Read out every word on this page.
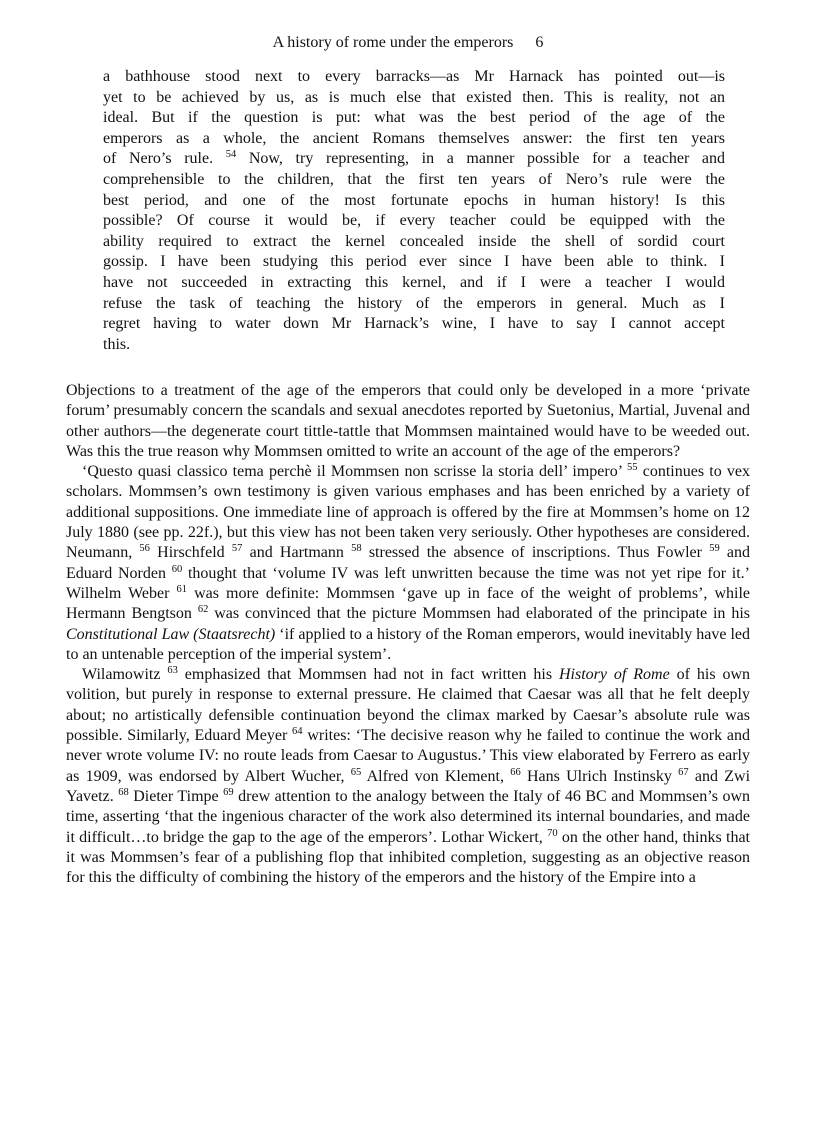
A history of rome under the emperors 6
a bathhouse stood next to every barracks—as Mr Harnack has pointed out—is
yet to be achieved by us, as is much else that existed then. This is reality, not an
ideal. But if the question is put: what was the best period of the age of the
emperors as a whole, the ancient Romans themselves answer: the first ten years
of Nero’s rule. $^{54}$ Now, try representing, in a manner possible for a teacher and
comprehensible to the children, that the first ten years of Nero’s rule were the
best period, and one of the most fortunate epochs in human history! Is this
possible? Of course it would be, if every teacher could be equipped with the
ability required to extract the kernel concealed inside the shell of sordid court
gossip. I have been studying this period ever since I have been able to think. I
have not succeeded in extracting this kernel, and if I were a teacher I would
refuse the task of teaching the history of the emperors in general. Much as I
regret having to water down Mr Harnack’s wine, I have to say I cannot accept
this.

Objections to a treatment of the age of the emperors that could only be developed in a more ‘private forum’ presumably concern the scandals and sexual anecdotes reported by Suetonius, Martial, Juvenal and other authors—the degenerate court tittle-tattle that Mommsen maintained would have to be weeded out. Was this the true reason why Mommsen omitted to write an account of the age of the emperors?

‘Questo quasi classico tema perchè il Mommsen non scrisse la storia dell’ impero’ $^{55}$ continues to vex scholars. Mommsen’s own testimony is given various emphases and has been enriched by a variety of additional suppositions. One immediate line of approach is offered by the fire at Mommsen’s home on 12 July 1880 (see pp. 22f.), but this view has not been taken very seriously. Other hypotheses are considered. Neumann, $^{56}$ Hirschfeld $^{57}$ and Hartmann $^{58}$ stressed the absence of inscriptions. Thus Fowler $^{59}$ and Eduard Norden $^{60}$ thought that ‘volume IV was left unwritten because the time was not yet ripe for it.’ Wilhelm Weber $^{61}$ was more definite: Mommsen ‘gave up in face of the weight of problems’, while Hermann Bengtson $^{62}$ was convinced that the picture Mommsen had elaborated of the principate in his Constitutional Law (Staatsrecht) ‘if applied to a history of the Roman emperors, would inevitably have led to an untenable perception of the imperial system’.

Wilamowitz $^{63}$ emphasized that Mommsen had not in fact written his History of Rome of his own volition, but purely in response to external pressure. He claimed that Caesar was all that he felt deeply about; no artistically defensible continuation beyond the climax marked by Caesar’s absolute rule was possible. Similarly, Eduard Meyer $^{64}$ writes: ‘The decisive reason why he failed to continue the work and never wrote volume IV: no route leads from Caesar to Augustus.’ This view elaborated by Ferrero as early as 1909, was endorsed by Albert Wucher, $^{65}$ Alfred von Klement, $^{66}$ Hans Ulrich Instinsky $^{67}$ and Zwi Yavetz. $^{68}$ Dieter Timpe $^{69}$ drew attention to the analogy between the Italy of 46 BC and Mommsen’s own time, asserting ‘that the ingenious character of the work also determined its internal boundaries, and made it difficult…to bridge the gap to the age of the emperors’. Lothar Wickert, $^{70}$ on the other hand, thinks that it was Mommsen’s fear of a publishing flop that inhibited completion, suggesting as an objective reason for this the difficulty of combining the history of the emperors and the history of the Empire into a
